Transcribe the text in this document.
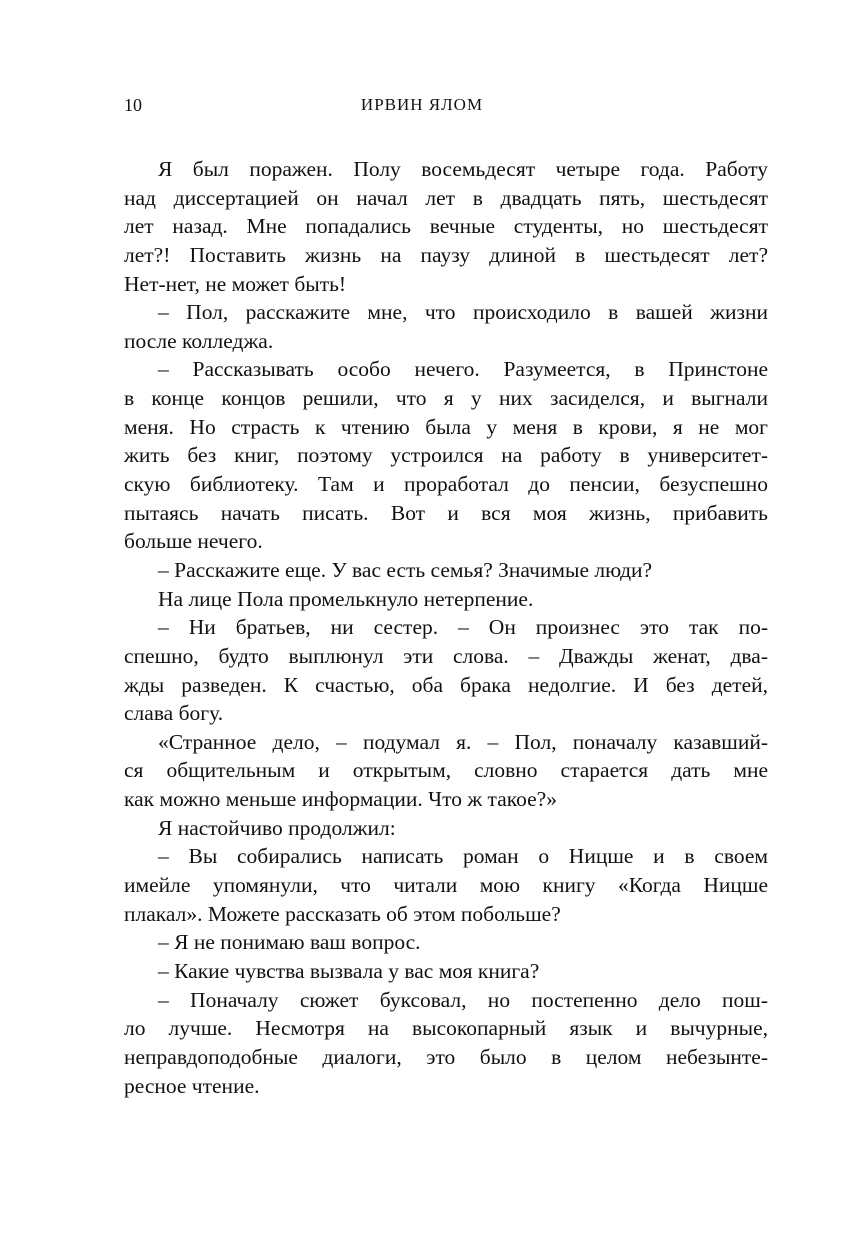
10	ИРВИН ЯЛОМ
Я был поражен. Полу восемьдесят четыре года. Работу
над диссертацией он начал лет в двадцать пять, шестьдесят
лет назад. Мне попадались вечные студенты, но шестьдесят
лет?! Поставить жизнь на паузу длиной в шестьдесят лет?
Нет-нет, не может быть!
– Пол, расскажите мне, что происходило в вашей жизни
после колледжа.
– Рассказывать особо нечего. Разумеется, в Принстоне
в конце концов решили, что я у них засиделся, и выгнали
меня. Но страсть к чтению была у меня в крови, я не мог
жить без книг, поэтому устроился на работу в университет-
скую библиотеку. Там и проработал до пенсии, безуспешно
пытаясь начать писать. Вот и вся моя жизнь, прибавить
больше нечего.
– Расскажите еще. У вас есть семья? Значимые люди?
На лице Пола промелькнуло нетерпение.
– Ни братьев, ни сестер. – Он произнес это так по-
спешно, будто выплюнул эти слова. – Дважды женат, два-
жды разведен. К счастью, оба брака недолгие. И без детей,
слава богу.
«Странное дело, – подумал я. – Пол, поначалу казавший-
ся общительным и открытым, словно старается дать мне
как можно меньше информации. Что ж такое?»
Я настойчиво продолжил:
– Вы собирались написать роман о Ницше и в своем
имейле упомянули, что читали мою книгу «Когда Ницше
плакал». Можете рассказать об этом побольше?
– Я не понимаю ваш вопрос.
– Какие чувства вызвала у вас моя книга?
– Поначалу сюжет буксовал, но постепенно дело пош-
ло лучше. Несмотря на высокопарный язык и вычурные,
неправдоподобные диалоги, это было в целом небезынте-
ресное чтение.
